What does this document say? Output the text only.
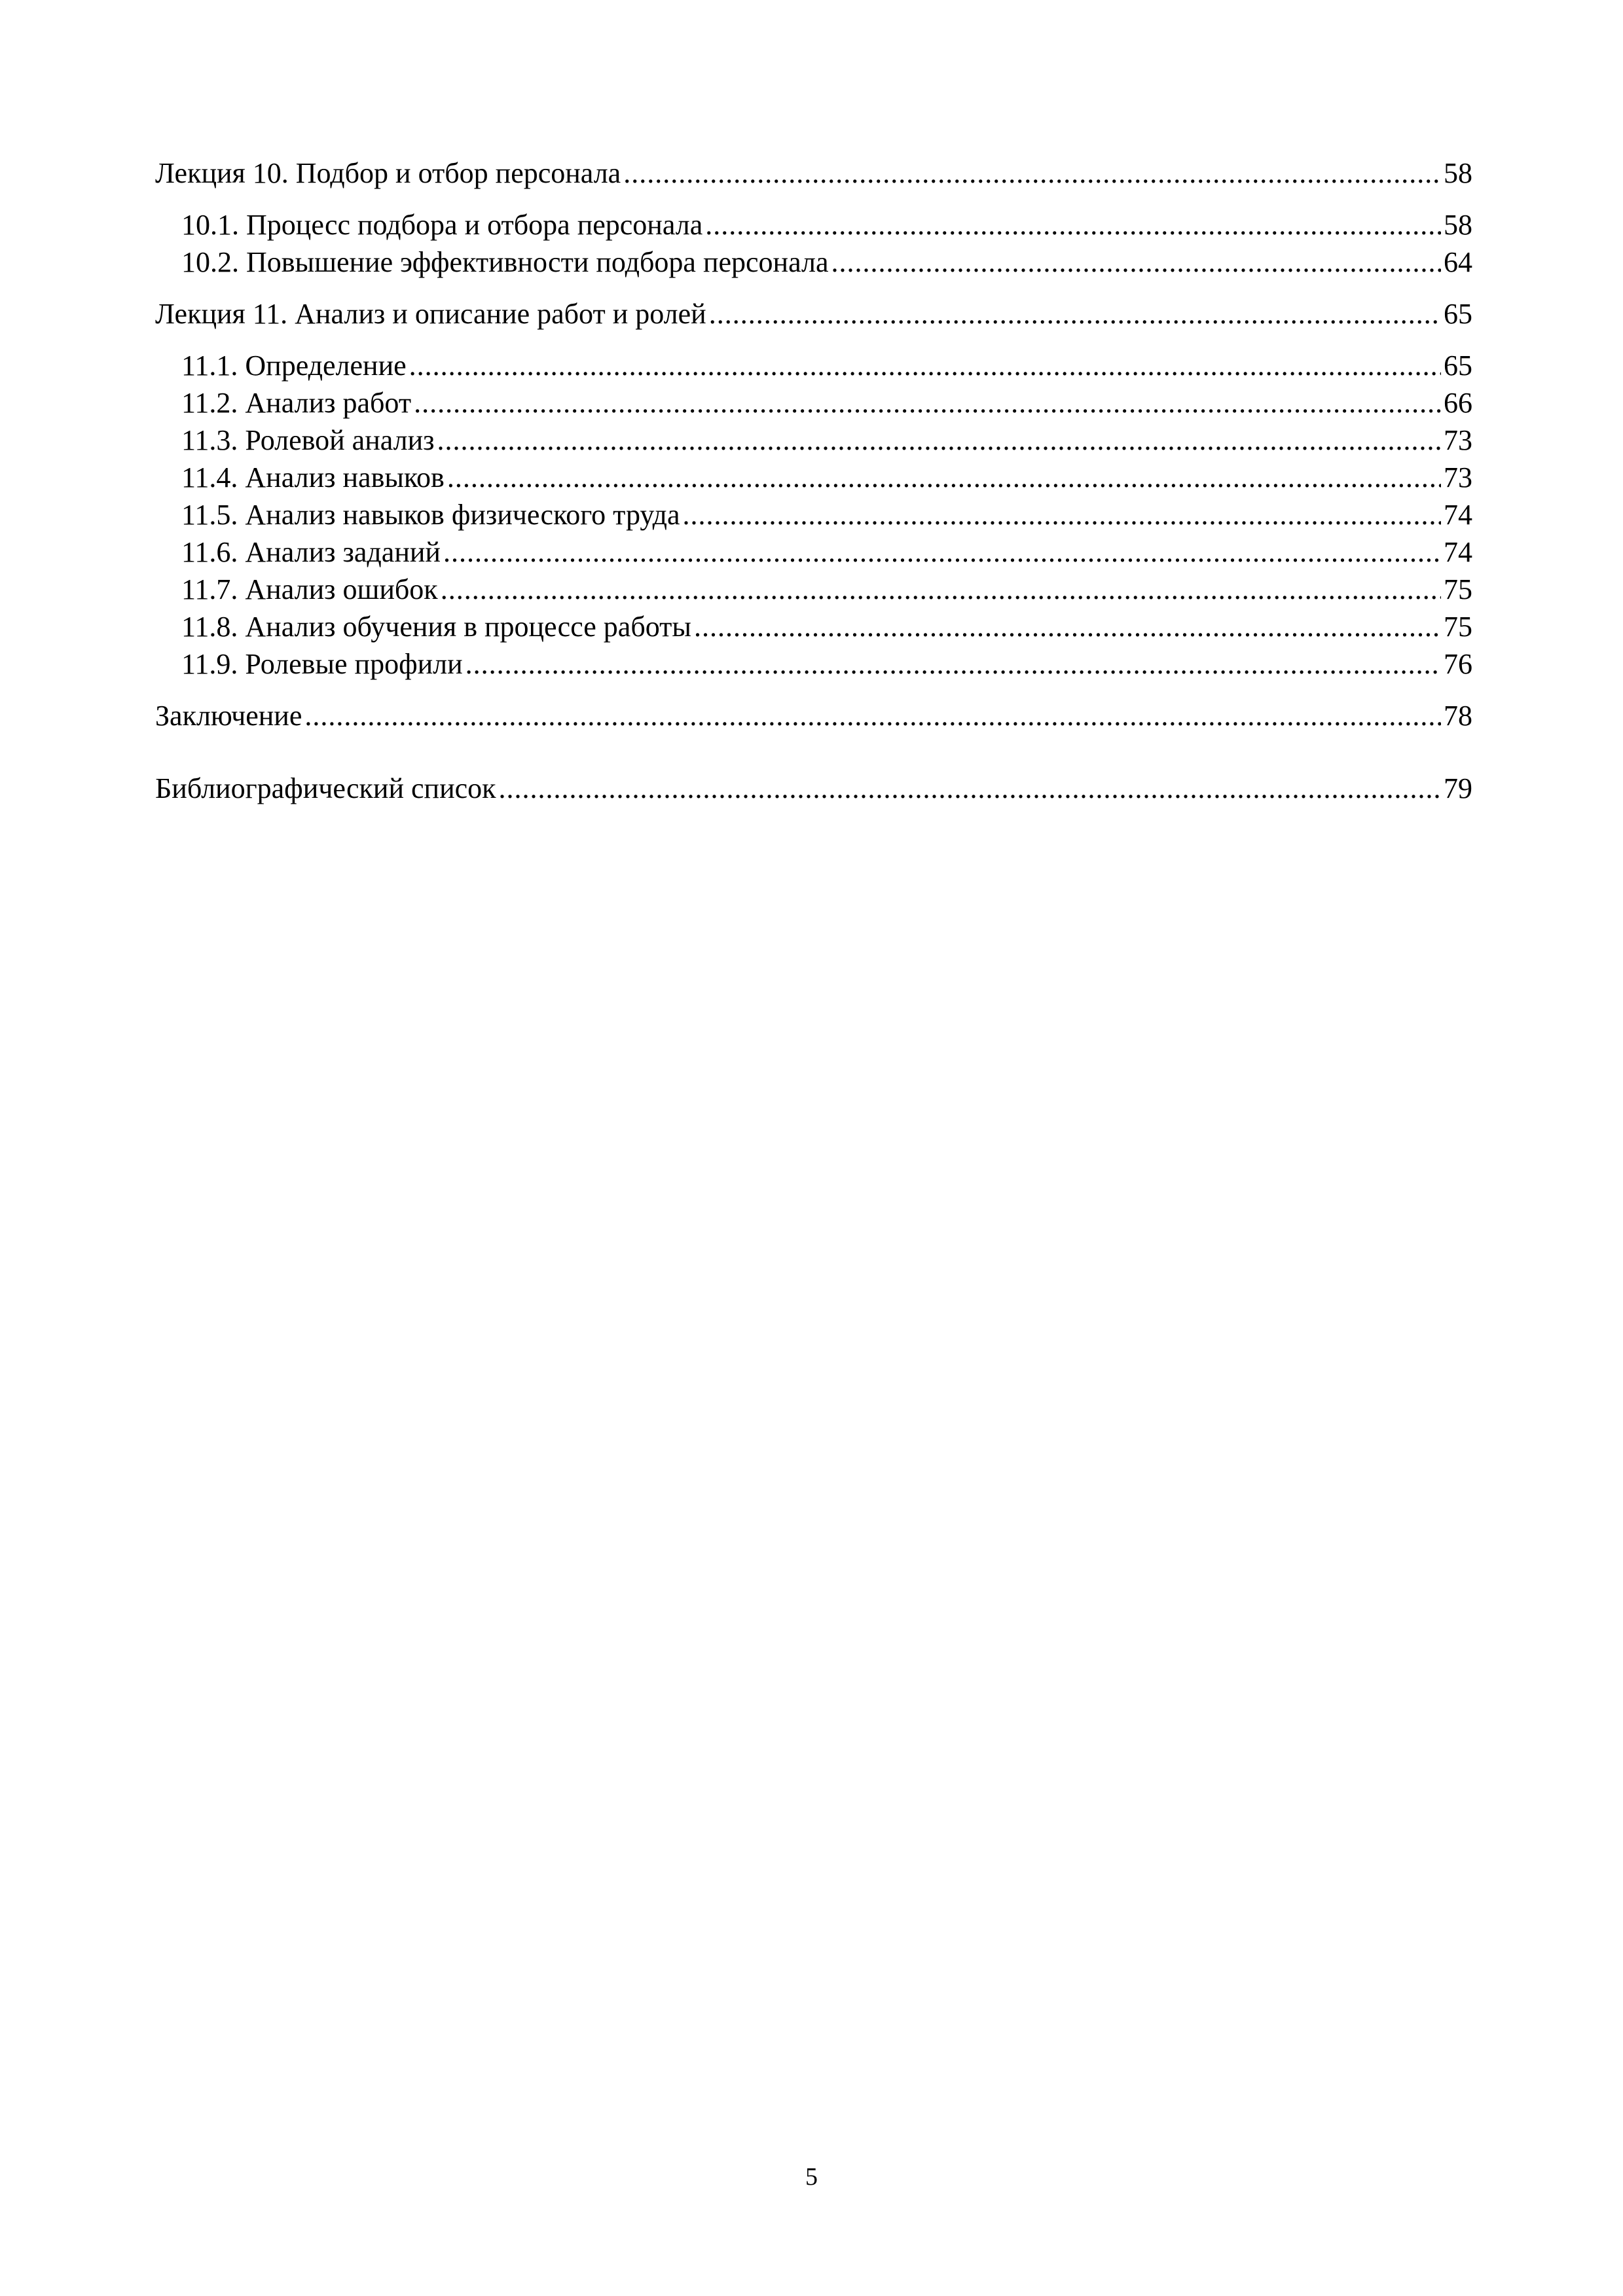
Лекция 10. Подбор и отбор персонала .....	58
10.1. Процесс подбора и отбора персонала .....	58
10.2. Повышение эффективности подбора персонала .....	64
Лекция 11. Анализ и описание работ и ролей .....	65
11.1. Определение .....	65
11.2. Анализ работ .....	66
11.3. Ролевой анализ .....	73
11.4. Анализ навыков .....	73
11.5. Анализ навыков физического труда .....	74
11.6. Анализ заданий .....	74
11.7. Анализ ошибок .....	75
11.8. Анализ обучения в процессе работы .....	75
11.9. Ролевые профили .....	76
Заключение .....	78
Библиографический список .....	79
5
